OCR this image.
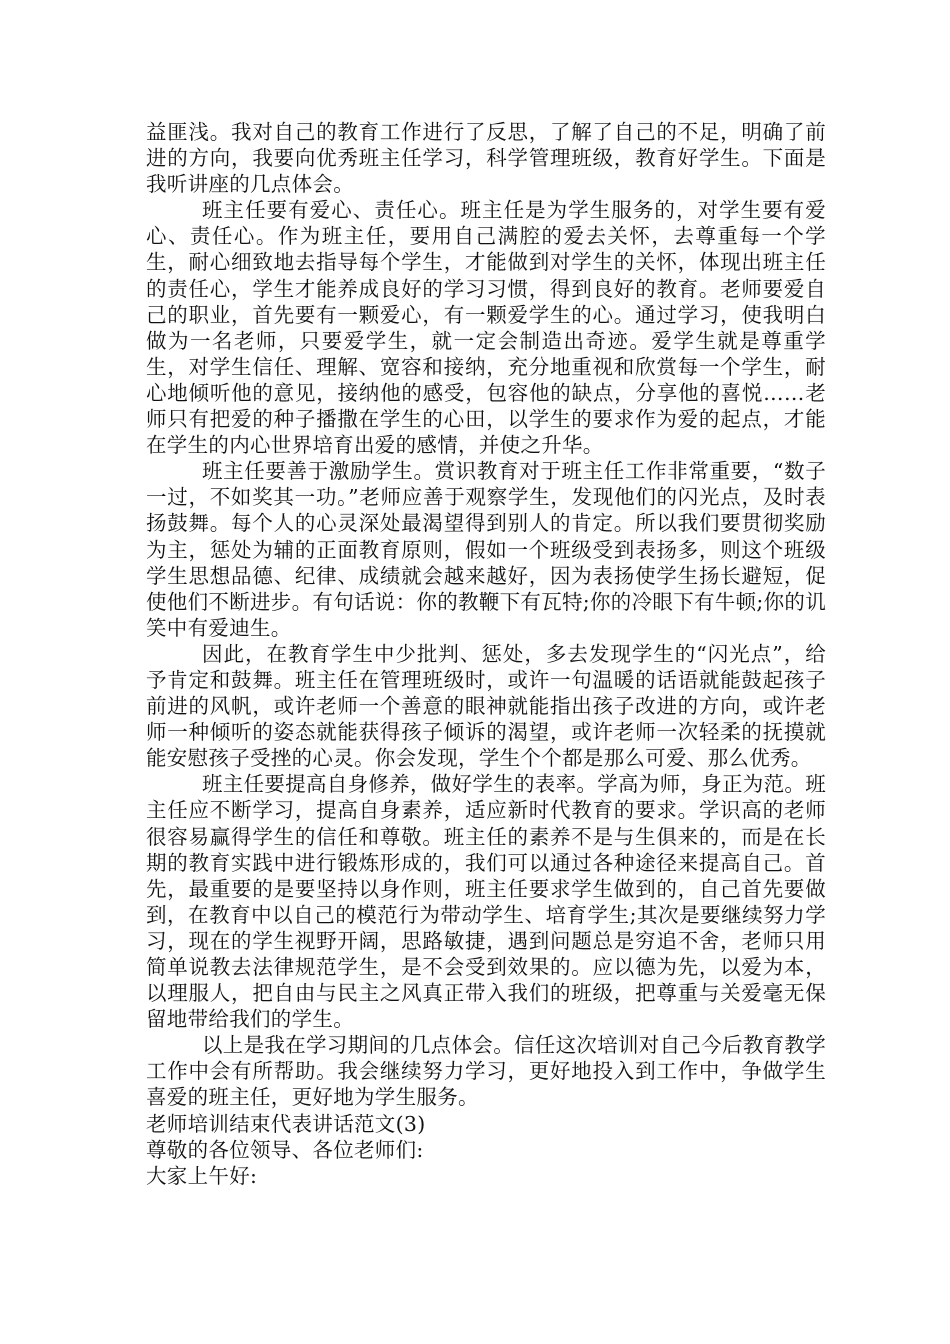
益匪浅。我对自己的教育工作进行了反思，了解了自己的不足，明确了前进的方向，我要向优秀班主任学习，科学管理班级，教育好学生。下面是我听讲座的几点体会。

班主任要有爱心、责任心。班主任是为学生服务的，对学生要有爱心、责任心。作为班主任，要用自己满腔的爱去关怀，去尊重每一个学生，耐心细致地去指导每个学生，才能做到对学生的关怀，体现出班主任的责任心，学生才能养成良好的学习习惯，得到良好的教育。老师要爱自己的职业，首先要有一颗爱心，有一颗爱学生的心。通过学习，使我明白做为一名老师，只要爱学生，就一定会制造出奇迹。爱学生就是尊重学生，对学生信任、理解、宽容和接纳，充分地重视和欣赏每一个学生，耐心地倾听他的意见，接纳他的感受，包容他的缺点，分享他的喜悦……老师只有把爱的种子播撒在学生的心田，以学生的要求作为爱的起点，才能在学生的内心世界培育出爱的感情，并使之升华。

班主任要善于激励学生。赏识教育对于班主任工作非常重要，“数子一过，不如奖其一功。”老师应善于观察学生，发现他们的闪光点，及时表扬鼓舞。每个人的心灵深处最渴望得到别人的肯定。所以我们要贯彻奖励为主，惩处为辅的正面教育原则，假如一个班级受到表扬多，则这个班级学生思想品德、纪律、成绩就会越来越好，因为表扬使学生扬长避短，促使他们不断进步。有句话说：你的教鞭下有瓦特;你的冷眼下有牛顿;你的讥笑中有爱迪生。

因此，在教育学生中少批判、惩处，多去发现学生的“闪光点”，给予肯定和鼓舞。班主任在管理班级时，或许一句温暖的话语就能鼓起孩子前进的风帆，或许老师一个善意的眼神就能指出孩子改进的方向，或许老师一种倾听的姿态就能获得孩子倾诉的渴望，或许老师一次轻柔的抚摸就能安慰孩子受挫的心灵。你会发现，学生个个都是那么可爱、那么优秀。

班主任要提高自身修养，做好学生的表率。学高为师，身正为范。班主任应不断学习，提高自身素养，适应新时代教育的要求。学识高的老师很容易赢得学生的信任和尊敬。班主任的素养不是与生俱来的，而是在长期的教育实践中进行锻炼形成的，我们可以通过各种途径来提高自己。首先，最重要的是要坚持以身作则，班主任要求学生做到的，自己首先要做到，在教育中以自己的模范行为带动学生、培育学生;其次是要继续努力学习，现在的学生视野开阔，思路敏捷，遇到问题总是穷追不舍，老师只用简单说教去法律规范学生，是不会受到效果的。应以德为先，以爱为本，以理服人，把自由与民主之风真正带入我们的班级，把尊重与关爱毫无保留地带给我们的学生。

以上是我在学习期间的几点体会。信任这次培训对自己今后教育教学工作中会有所帮助。我会继续努力学习，更好地投入到工作中，争做学生喜爱的班主任，更好地为学生服务。

老师培训结束代表讲话范文(3)

尊敬的各位领导、各位老师们:

大家上午好:
